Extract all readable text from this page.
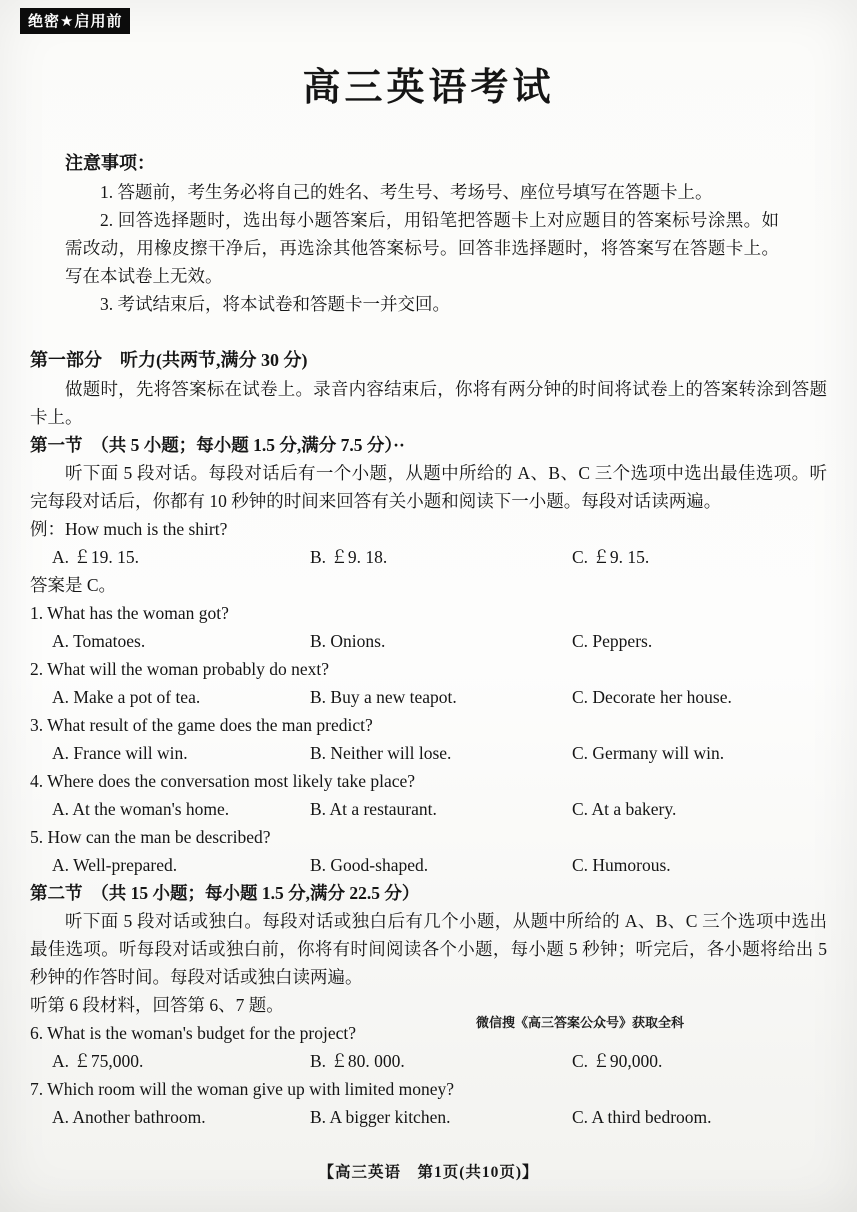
绝密★启用前
高三英语考试
注意事项：

1. 答题前，考生务必将自己的姓名、考生号、考场号、座位号填写在答题卡上。

2. 回答选择题时，选出每小题答案后，用铅笔把答题卡上对应题目的答案标号涂黑。如需改动，用橡皮擦干净后，再选涂其他答案标号。回答非选择题时，将答案写在答题卡上。写在本试卷上无效。

3. 考试结束后，将本试卷和答题卡一并交回。

第一部分　听力(共两节,满分 30 分)

做题时，先将答案标在试卷上。录音内容结束后，你将有两分钟的时间将试卷上的答案转涂到答题卡上。

第一节　（共 5 小题；每小题 1.5 分,满分 7.5 分）··

听下面 5 段对话。每段对话后有一个小题，从题中所给的 A、B、C 三个选项中选出最佳选项。听完每段对话后，你都有 10 秒钟的时间来回答有关小题和阅读下一小题。每段对话读两遍。

例：How much is the shirt?
A. ￡19. 15.	B. ￡9. 18.	C. ￡9. 15.
答案是 C。
1. What has the woman got?
A. Tomatoes.	B. Onions.	C. Peppers.
2. What will the woman probably do next?
A. Make a pot of tea.	B. Buy a new teapot.	C. Decorate her house.
3. What result of the game does the man predict?
A. France will win.	B. Neither will lose.	C. Germany will win.
4. Where does the conversation most likely take place?
A. At the woman's home.	B. At a restaurant.	C. At a bakery.
5. How can the man be described?
A. Well-prepared.	B. Good-shaped.	C. Humorous.
第二节　（共 15 小题；每小题 1.5 分,满分 22.5 分）

听下面 5 段对话或独白。每段对话或独白后有几个小题，从题中所给的 A、B、C 三个选项中选出最佳选项。听每段对话或独白前，你将有时间阅读各个小题，每小题 5 秒钟；听完后，各小题将给出 5 秒钟的作答时间。每段对话或独白读两遍。

听第 6 段材料，回答第 6、7 题。
6. What is the woman's budget for the project?
A. ￡75,000.	B. ￡80. 000.	C. ￡90,000.
7. Which room will the woman give up with limited money?
A. Another bathroom.	B. A bigger kitchen.	C. A third bedroom.
微信搜《高三答案公众号》获取全科
【高三英语　第1页(共10页)】
